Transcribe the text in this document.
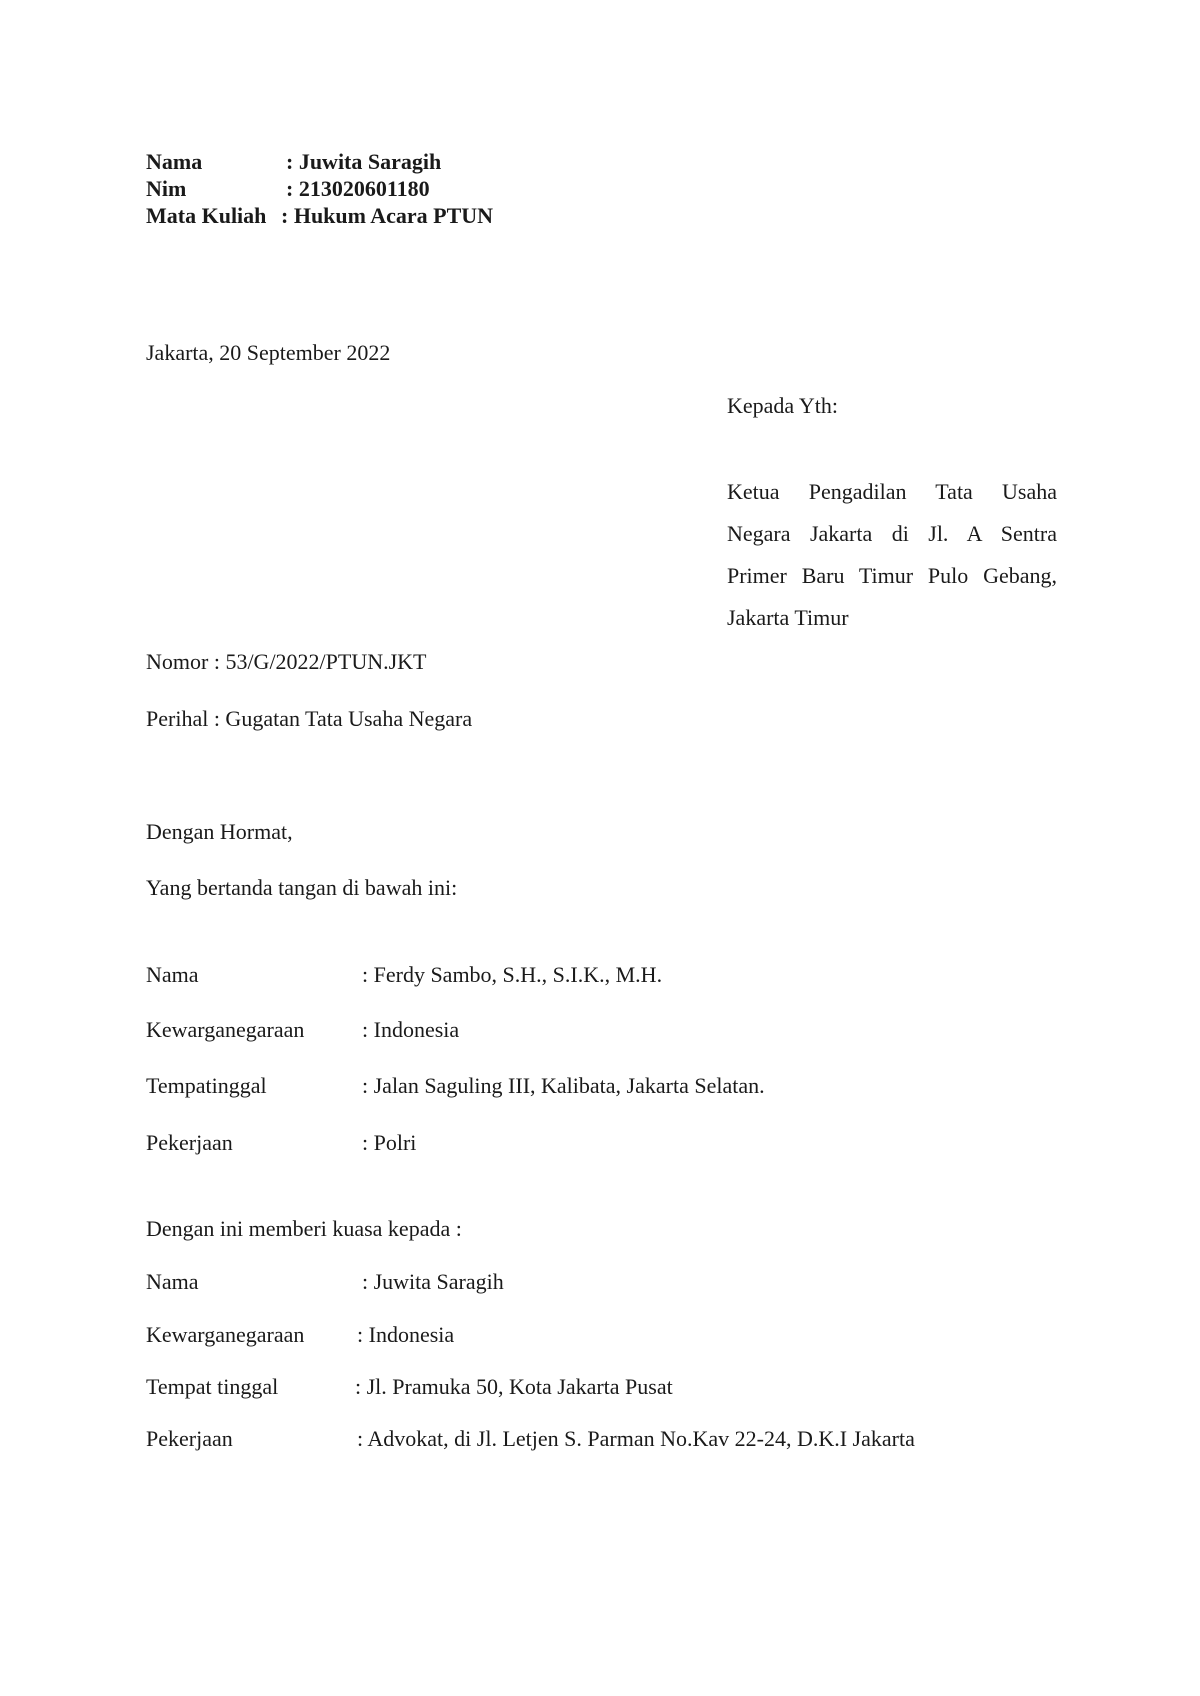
Nama	: Juwita Saragih
Nim	: 213020601180
Mata Kuliah : Hukum Acara PTUN

Jakarta, 20 September 2022

Kepada Yth:

Ketua Pengadilan Tata Usaha

Negara Jakarta di Jl. A Sentra

Primer Baru Timur Pulo Gebang,

Jakarta Timur

Nomor : 53/G/2022/PTUN.JKT

Perihal : Gugatan Tata Usaha Negara

Dengan Hormat,

Yang bertanda tangan di bawah ini:

Nama	: Ferdy Sambo, S.H., S.I.K., M.H.
Kewarganegaraan	: Indonesia
Tempatinggal	: Jalan Saguling III, Kalibata, Jakarta Selatan.
Pekerjaan	: Polri

Dengan ini memberi kuasa kepada :

Nama	: Juwita Saragih
Kewarganegaraan : Indonesia
Tempat tinggal	: Jl. Pramuka 50, Kota Jakarta Pusat
Pekerjaan	: Advokat, di Jl. Letjen S. Parman No.Kav 22-24, D.K.I Jakarta
